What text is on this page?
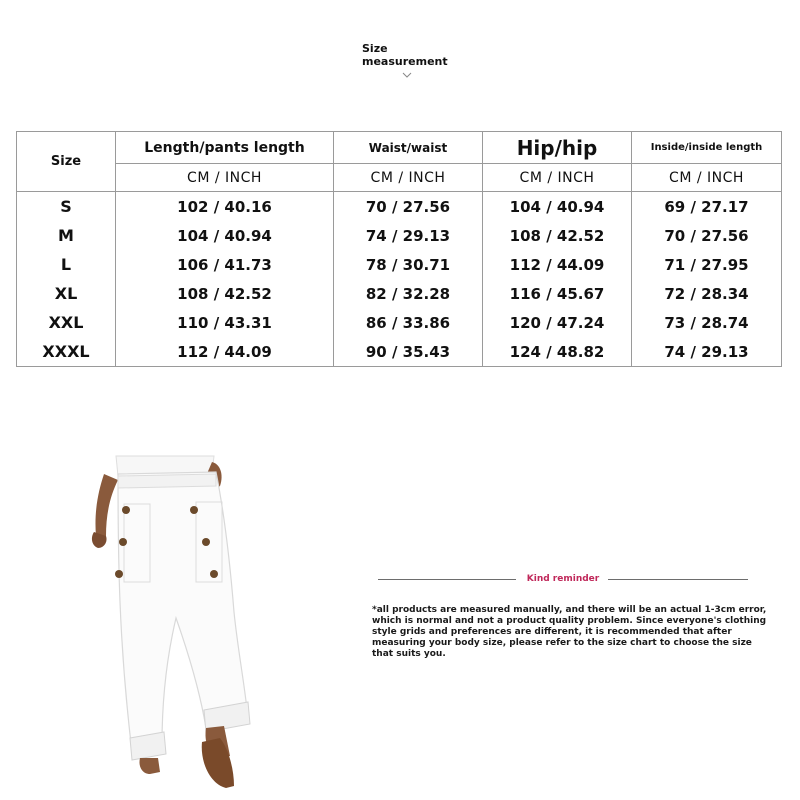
Size
measurement
Size	Length/pants length	Waist/waist	Hip/hip	Inside/inside length
	CM / INCH	CM / INCH	CM / INCH	CM / INCH
S	102 / 40.16	70 / 27.56	104 / 40.94	69 / 27.17
M	104 / 40.94	74 / 29.13	108 / 42.52	70 / 27.56
L	106 / 41.73	78 / 30.71	112 / 44.09	71 / 27.95
XL	108 / 42.52	82 / 32.28	116 / 45.67	72 / 28.34
XXL	110 / 43.31	86 / 33.86	120 / 47.24	73 / 28.74
XXXL	112 / 44.09	90 / 35.43	124 / 48.82	74 / 29.13
Kind reminder
*all products are measured manually, and there will be an actual 1-3cm error, which is normal and not a product quality problem. Since everyone's clothing style grids and preferences are different, it is recommended that after measuring your body size, please refer to the size chart to choose the size that suits you.
